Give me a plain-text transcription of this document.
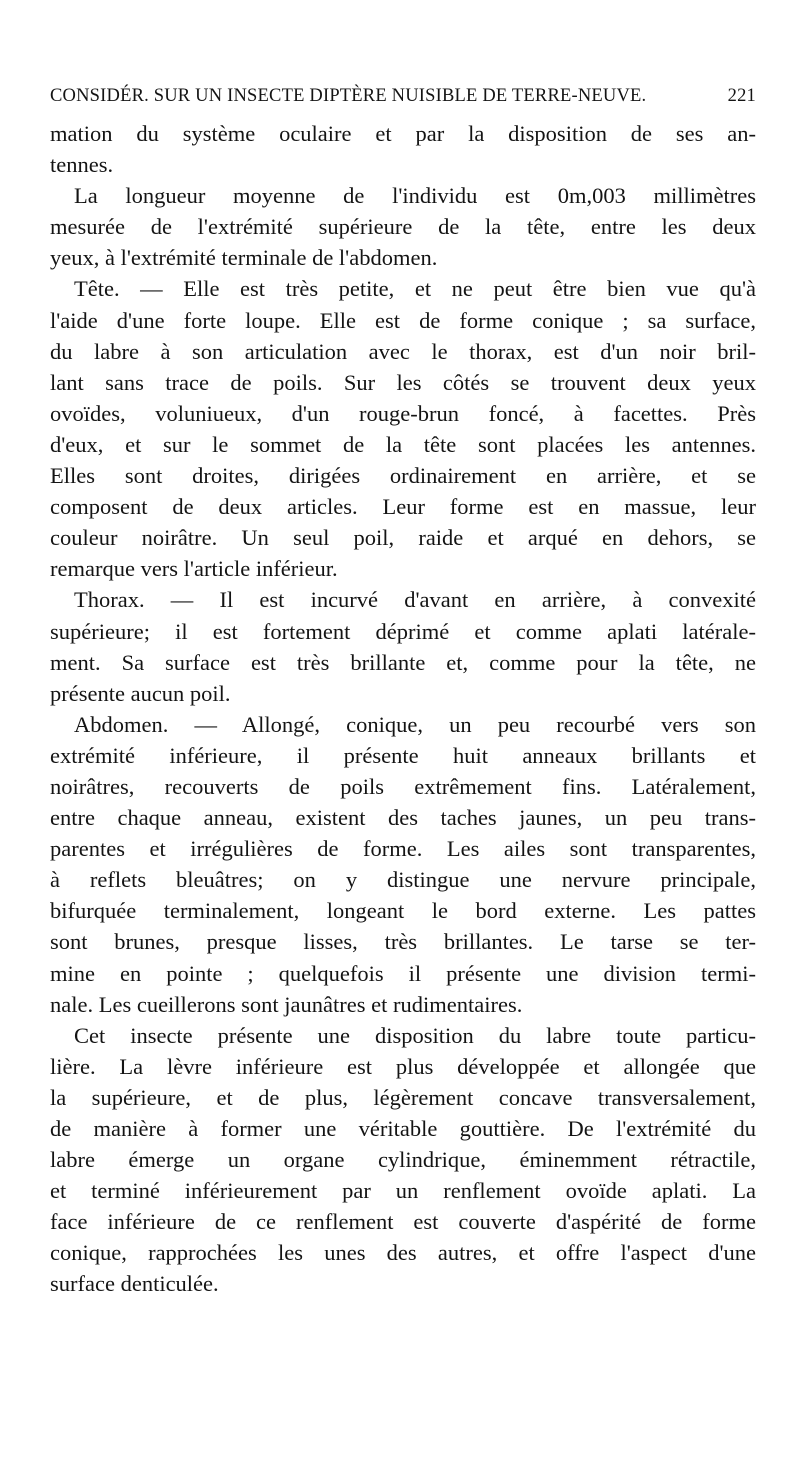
CONSIDÉR. SUR UN INSECTE DIPTÈRE NUISIBLE DE TERRE-NEUVE.	221
mation du système oculaire et par la disposition de ses an-
tennes.
La longueur moyenne de l'individu est 0m,003 millimètres
mesurée de l'extrémité supérieure de la tête, entre les deux
yeux, à l'extrémité terminale de l'abdomen.
Tête. — Elle est très petite, et ne peut être bien vue qu'à
l'aide d'une forte loupe. Elle est de forme conique ; sa surface,
du labre à son articulation avec le thorax, est d'un noir bril-
lant sans trace de poils. Sur les côtés se trouvent deux yeux
ovoïdes, voluniueux, d'un rouge-brun foncé, à facettes. Près
d'eux, et sur le sommet de la tête sont placées les antennes.
Elles sont droites, dirigées ordinairement en arrière, et se
composent de deux articles. Leur forme est en massue, leur
couleur noirâtre. Un seul poil, raide et arqué en dehors, se
remarque vers l'article inférieur.
Thorax. — Il est incurvé d'avant en arrière, à convexité
supérieure; il est fortement déprimé et comme aplati latérale-
ment. Sa surface est très brillante et, comme pour la tête, ne
présente aucun poil.
Abdomen. — Allongé, conique, un peu recourbé vers son
extrémité inférieure, il présente huit anneaux brillants et
noirâtres, recouverts de poils extrêmement fins. Latéralement,
entre chaque anneau, existent des taches jaunes, un peu trans-
parentes et irrégulières de forme. Les ailes sont transparentes,
à reflets bleuâtres; on y distingue une nervure principale,
bifurquée terminalement, longeant le bord externe. Les pattes
sont brunes, presque lisses, très brillantes. Le tarse se ter-
mine en pointe ; quelquefois il présente une division termi-
nale. Les cueillerons sont jaunâtres et rudimentaires.
Cet insecte présente une disposition du labre toute particu-
lière. La lèvre inférieure est plus développée et allongée que
la supérieure, et de plus, légèrement concave transversalement,
de manière à former une véritable gouttière. De l'extrémité du
labre émerge un organe cylindrique, éminemment rétractile,
et terminé inférieurement par un renflement ovoïde aplati. La
face inférieure de ce renflement est couverte d'aspérité de forme
conique, rapprochées les unes des autres, et offre l'aspect d'une
surface denticulée.
